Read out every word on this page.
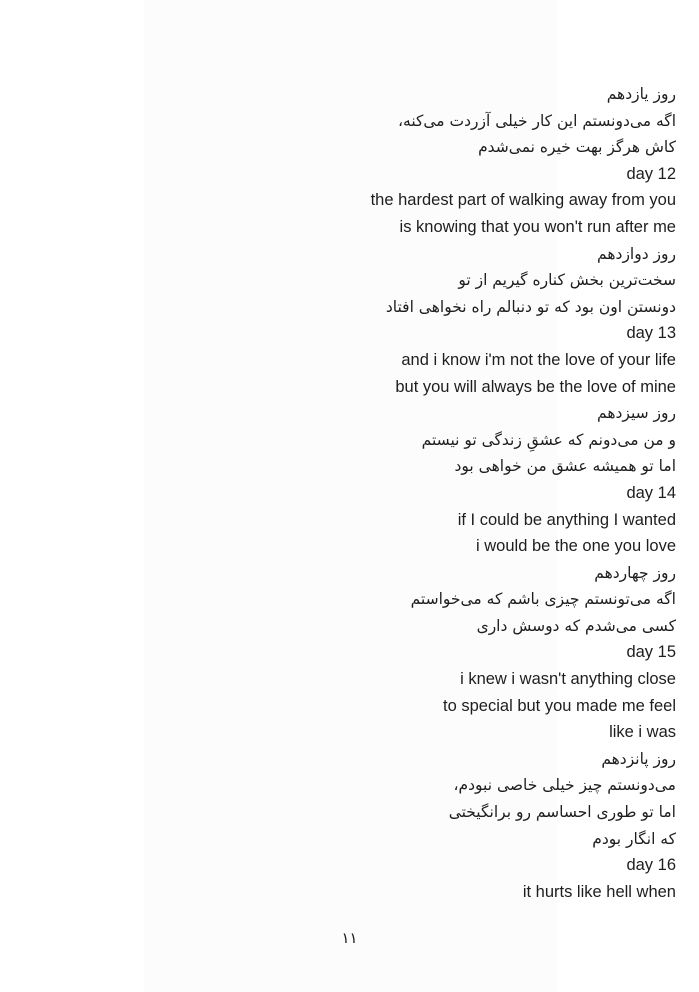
روز یازدهم
اگه می‌دونستم این کار خیلی آزردت می‌کنه،
کاش هرگز بهت خیره نمی‌شدم
day 12
the hardest part of walking away from you
is knowing that you won't run after me
روز دوازدهم
سخت‌ترین بخش کناره گیریم از تو
دونستن اون بود که تو دنبالم راه نخواهی افتاد
day 13
and i know i'm not the love of your life
but you will always be the love of mine
روز سیزدهم
و من می‌دونم که عشقِ زندگی تو نیستم
اما تو همیشه عشق من خواهی بود
day 14
if I could be anything I wanted
i would be the one you love
روز چهاردهم
اگه می‌تونستم چیزی باشم که می‌خواستم
کسی می‌شدم که دوسش داری
day 15
i knew i wasn't anything close
to special but you made me feel
like i was
روز پانزدهم
می‌دونستم چیز خیلی خاصی نبودم،
اما تو طوری احساسم رو برانگیختی
که انگار بودم
day 16
it hurts like hell when
۱۱
